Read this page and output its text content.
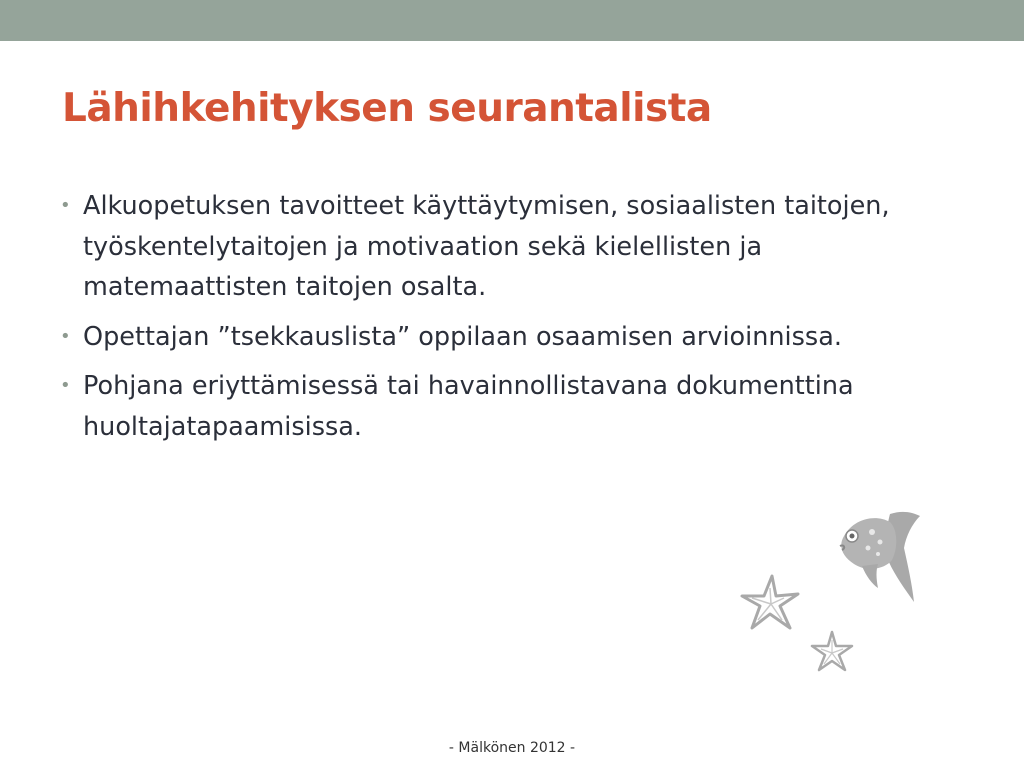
Lähihkehityksen seurantalista
• Alkuopetuksen tavoitteet käyttäytymisen, sosiaalisten taitojen, työskentelytaitojen ja motivaation sekä kielellisten ja matemaattisten taitojen osalta.
• Opettajan ”tsekkauslista” oppilaan osaamisen arvioinnissa.
• Pohjana eriyttämisessä tai havainnollistavana dokumenttina huoltajatapaamisissa.
- Mälkönen 2012 -
